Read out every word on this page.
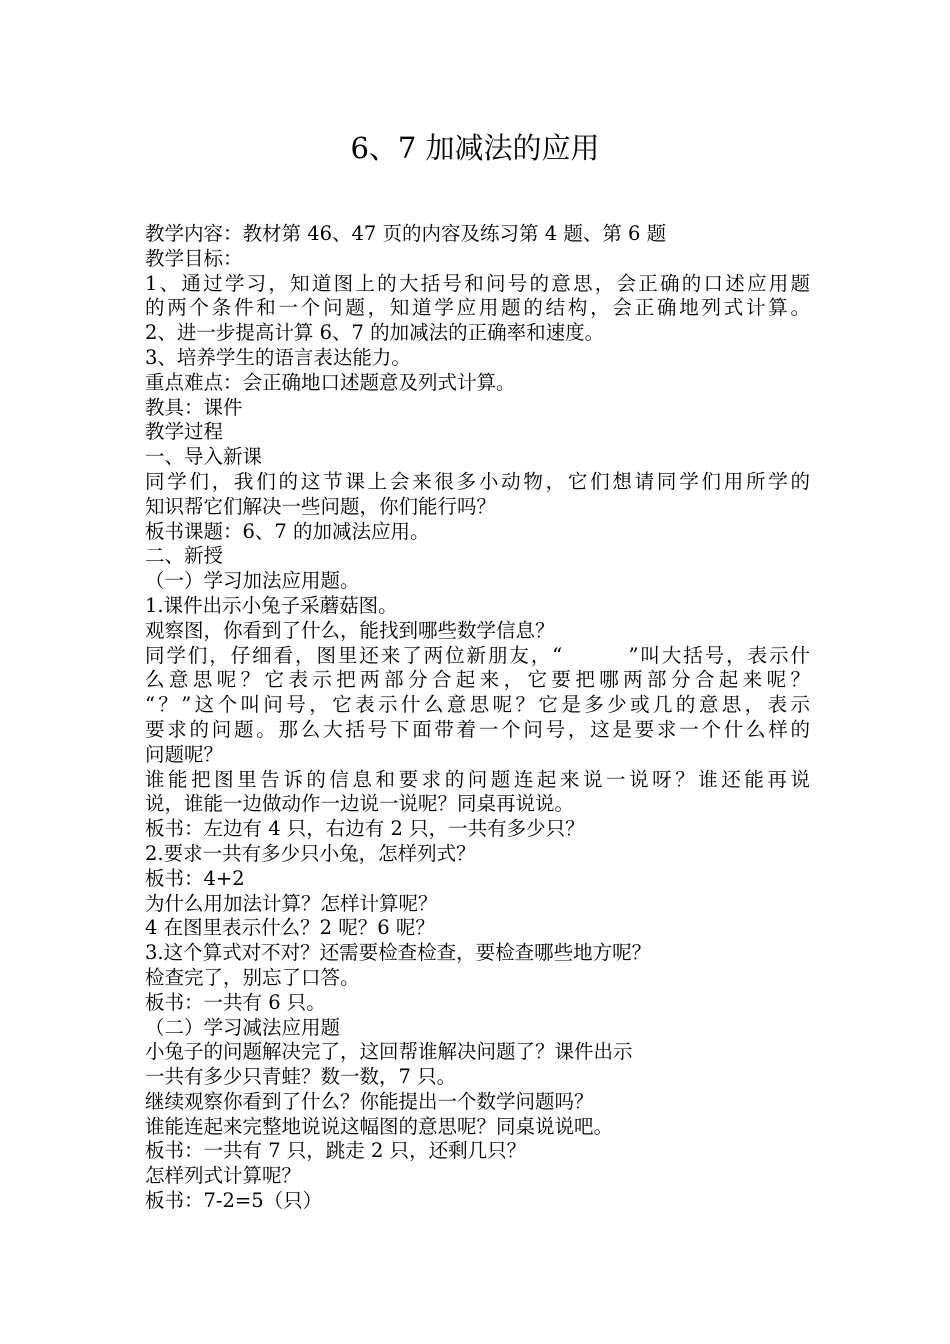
6、7 加减法的应用
教学内容：教材第 46、47 页的内容及练习第 4 题、第 6 题
教学目标：
1、通过学习，知道图上的大括号和问号的意思，会正确的口述应用题
的两个条件和一个问题，知道学应用题的结构，会正确地列式计算。
2、进一步提高计算 6、7 的加减法的正确率和速度。
3、培养学生的语言表达能力。
重点难点：会正确地口述题意及列式计算。
教具：课件
教学过程
一、导入新课
同学们，我们的这节课上会来很多小动物，它们想请同学们用所学的
知识帮它们解决一些问题，你们能行吗？
板书课题：6、7 的加减法应用。
二、新授
（一）学习加法应用题。
1.课件出示小兔子采蘑菇图。
观察图，你看到了什么，能找到哪些数学信息？
同学们，仔细看，图里还来了两位新朋友，“　　　”叫大括号，表示什
么意思呢？它表示把两部分合起来，它要把哪两部分合起来呢？
“？”这个叫问号，它表示什么意思呢？它是多少或几的意思，表示
要求的问题。那么大括号下面带着一个问号，这是要求一个什么样的
问题呢？
谁能把图里告诉的信息和要求的问题连起来说一说呀？谁还能再说
说，谁能一边做动作一边说一说呢？同桌再说说。
板书：左边有 4 只，右边有 2 只，一共有多少只？
2.要求一共有多少只小兔，怎样列式？
板书：4+2
为什么用加法计算？怎样计算呢？
4 在图里表示什么？2 呢？6 呢？
3.这个算式对不对？还需要检查检查，要检查哪些地方呢？
检查完了，别忘了口答。
板书：一共有 6 只。
（二）学习减法应用题
小兔子的问题解决完了，这回帮谁解决问题了？课件出示
一共有多少只青蛙？数一数，7 只。
继续观察你看到了什么？你能提出一个数学问题吗？
谁能连起来完整地说说这幅图的意思呢？同桌说说吧。
板书：一共有 7 只，跳走 2 只，还剩几只？
怎样列式计算呢？
板书：7-2=5（只）
